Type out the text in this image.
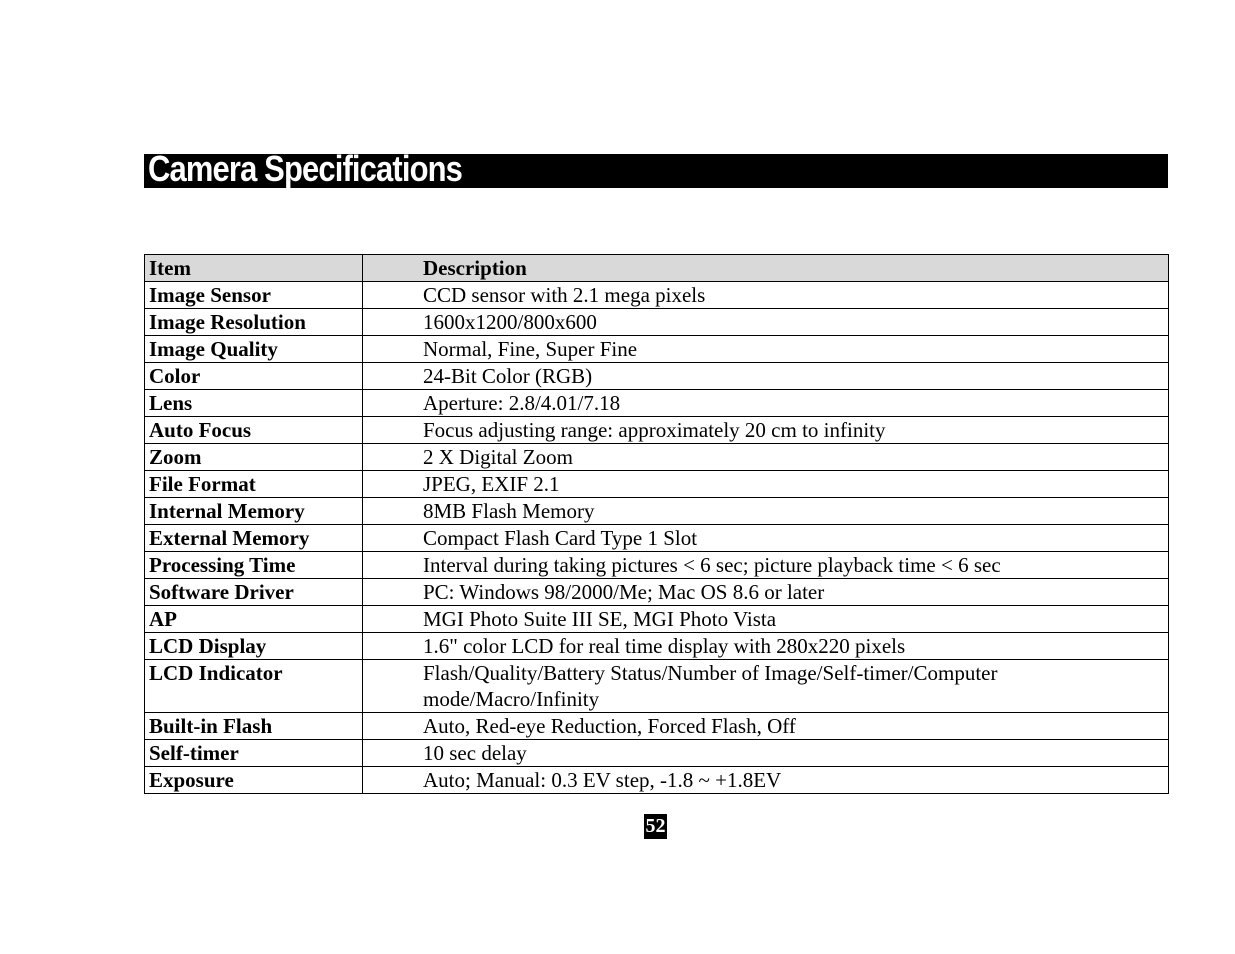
Camera Specifications
Item	Description
Image Sensor	CCD sensor with 2.1 mega pixels
Image Resolution	1600x1200/800x600
Image Quality	Normal, Fine, Super Fine
Color	24-Bit Color (RGB)
Lens	Aperture: 2.8/4.01/7.18
Auto Focus	Focus adjusting range: approximately 20 cm to infinity
Zoom	2 X Digital Zoom
File Format	JPEG, EXIF 2.1
Internal Memory	8MB Flash Memory
External Memory	Compact Flash Card Type 1 Slot
Processing Time	Interval during taking pictures < 6 sec; picture playback time < 6 sec
Software Driver	PC: Windows 98/2000/Me; Mac OS 8.6 or later
AP	MGI Photo Suite III SE, MGI Photo Vista
LCD Display	1.6" color LCD for real time display with 280x220 pixels
LCD Indicator	Flash/Quality/Battery Status/Number of Image/Self-timer/Computer mode/Macro/Infinity
Built-in Flash	Auto, Red-eye Reduction, Forced Flash, Off
Self-timer	10 sec delay
Exposure	Auto; Manual: 0.3 EV step, -1.8 ~ +1.8EV
52
